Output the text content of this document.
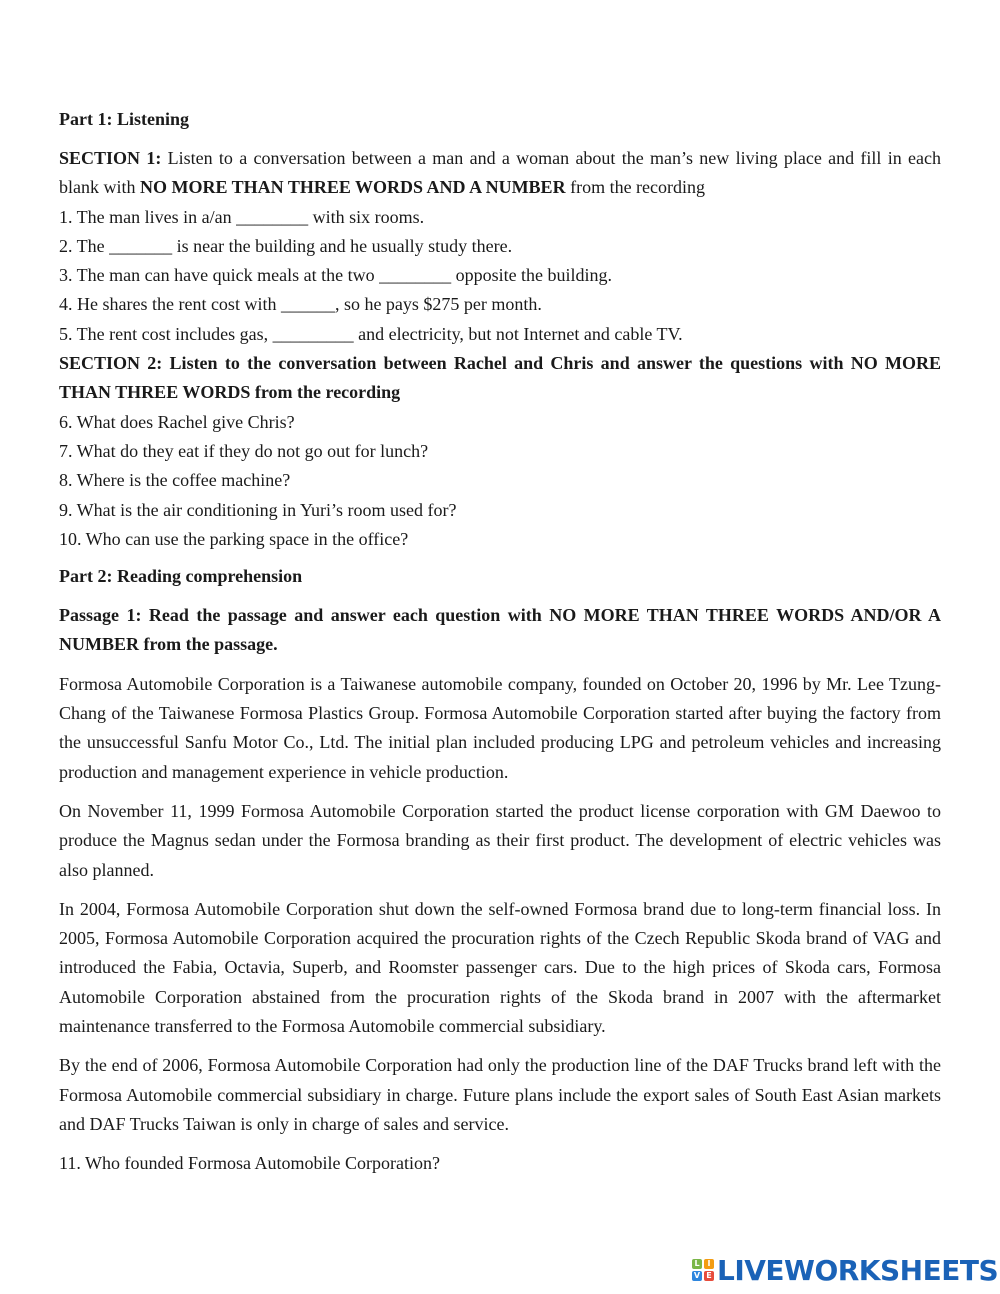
Part 1: Listening
SECTION 1: Listen to a conversation between a man and a woman about the man’s new living place and fill in each blank with NO MORE THAN THREE WORDS AND A NUMBER from the recording
1. The man lives in a/an ________ with six rooms.
2. The _______ is near the building and he usually study there.
3. The man can have quick meals at the two ________ opposite the building.
4. He shares the rent cost with ______, so he pays $275 per month.
5. The rent cost includes gas, _________ and electricity, but not Internet and cable TV.
SECTION 2: Listen to the conversation between Rachel and Chris and answer the questions with NO MORE THAN THREE WORDS from the recording
6. What does Rachel give Chris?
7. What do they eat if they do not go out for lunch?
8. Where is the coffee machine?
9. What is the air conditioning in Yuri’s room used for?
10. Who can use the parking space in the office?
Part 2: Reading comprehension
Passage 1: Read the passage and answer each question with NO MORE THAN THREE WORDS AND/OR A NUMBER from the passage.

Formosa Automobile Corporation is a Taiwanese automobile company, founded on October 20, 1996 by Mr. Lee Tzung-Chang of the Taiwanese Formosa Plastics Group. Formosa Automobile Corporation started after buying the factory from the unsuccessful Sanfu Motor Co., Ltd. The initial plan included producing LPG and petroleum vehicles and increasing production and management experience in vehicle production.

On November 11, 1999 Formosa Automobile Corporation started the product license corporation with GM Daewoo to produce the Magnus sedan under the Formosa branding as their first product. The development of electric vehicles was also planned.

In 2004, Formosa Automobile Corporation shut down the self-owned Formosa brand due to long-term financial loss. In 2005, Formosa Automobile Corporation acquired the procuration rights of the Czech Republic Skoda brand of VAG and introduced the Fabia, Octavia, Superb, and Roomster passenger cars. Due to the high prices of Skoda cars, Formosa Automobile Corporation abstained from the procuration rights of the Skoda brand in 2007 with the aftermarket maintenance transferred to the Formosa Automobile commercial subsidiary.

By the end of 2006, Formosa Automobile Corporation had only the production line of the DAF Trucks brand left with the Formosa Automobile commercial subsidiary in charge. Future plans include the export sales of South East Asian markets and DAF Trucks Taiwan is only in charge of sales and service.

11. Who founded Formosa Automobile Corporation?
L I
V E LIVEWORKSHEETS
